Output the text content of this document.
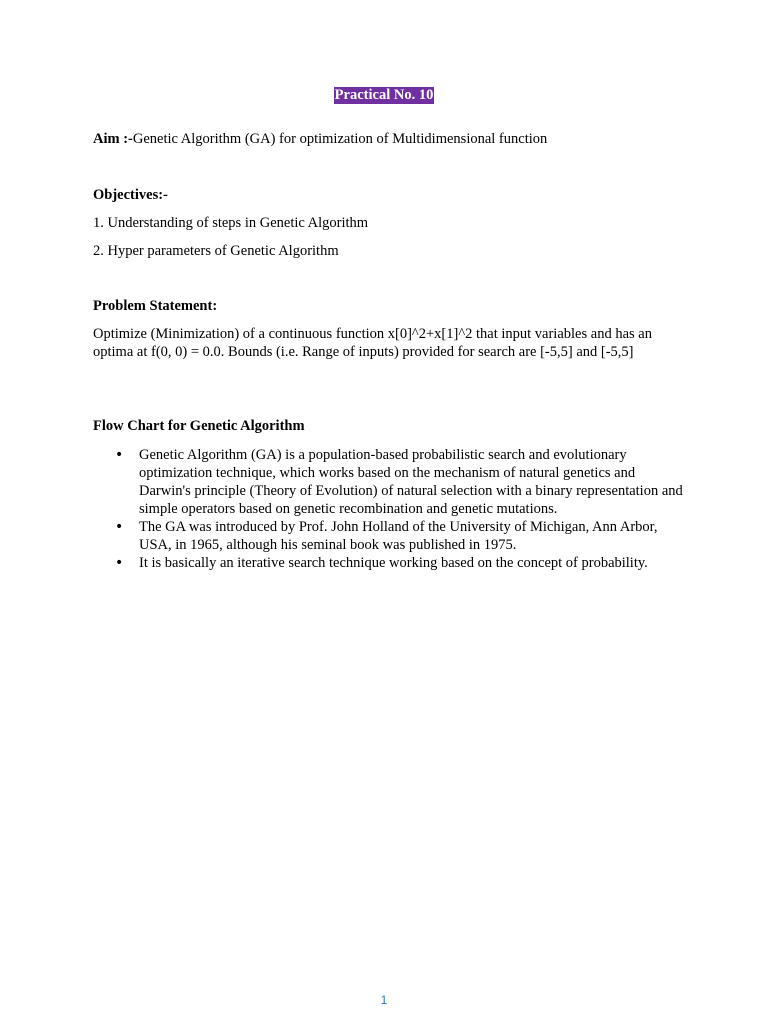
Practical No. 10
Aim :-Genetic Algorithm (GA) for optimization of Multidimensional function
Objectives:-
1. Understanding of steps in Genetic Algorithm
2. Hyper parameters of Genetic Algorithm
Problem Statement:
Optimize (Minimization) of a continuous function x[0]^2+x[1]^2 that input variables and has an optima at f(0, 0) = 0.0. Bounds (i.e. Range of inputs) provided for search are [-5,5] and [-5,5]
Flow Chart for Genetic Algorithm
• Genetic Algorithm (GA) is a population-based probabilistic search and evolutionary optimization technique, which works based on the mechanism of natural genetics and Darwin's principle (Theory of Evolution) of natural selection with a binary representation and simple operators based on genetic recombination and genetic mutations.
• The GA was introduced by Prof. John Holland of the University of Michigan, Ann Arbor, USA, in 1965, although his seminal book was published in 1975.
• It is basically an iterative search technique working based on the concept of probability.
1
